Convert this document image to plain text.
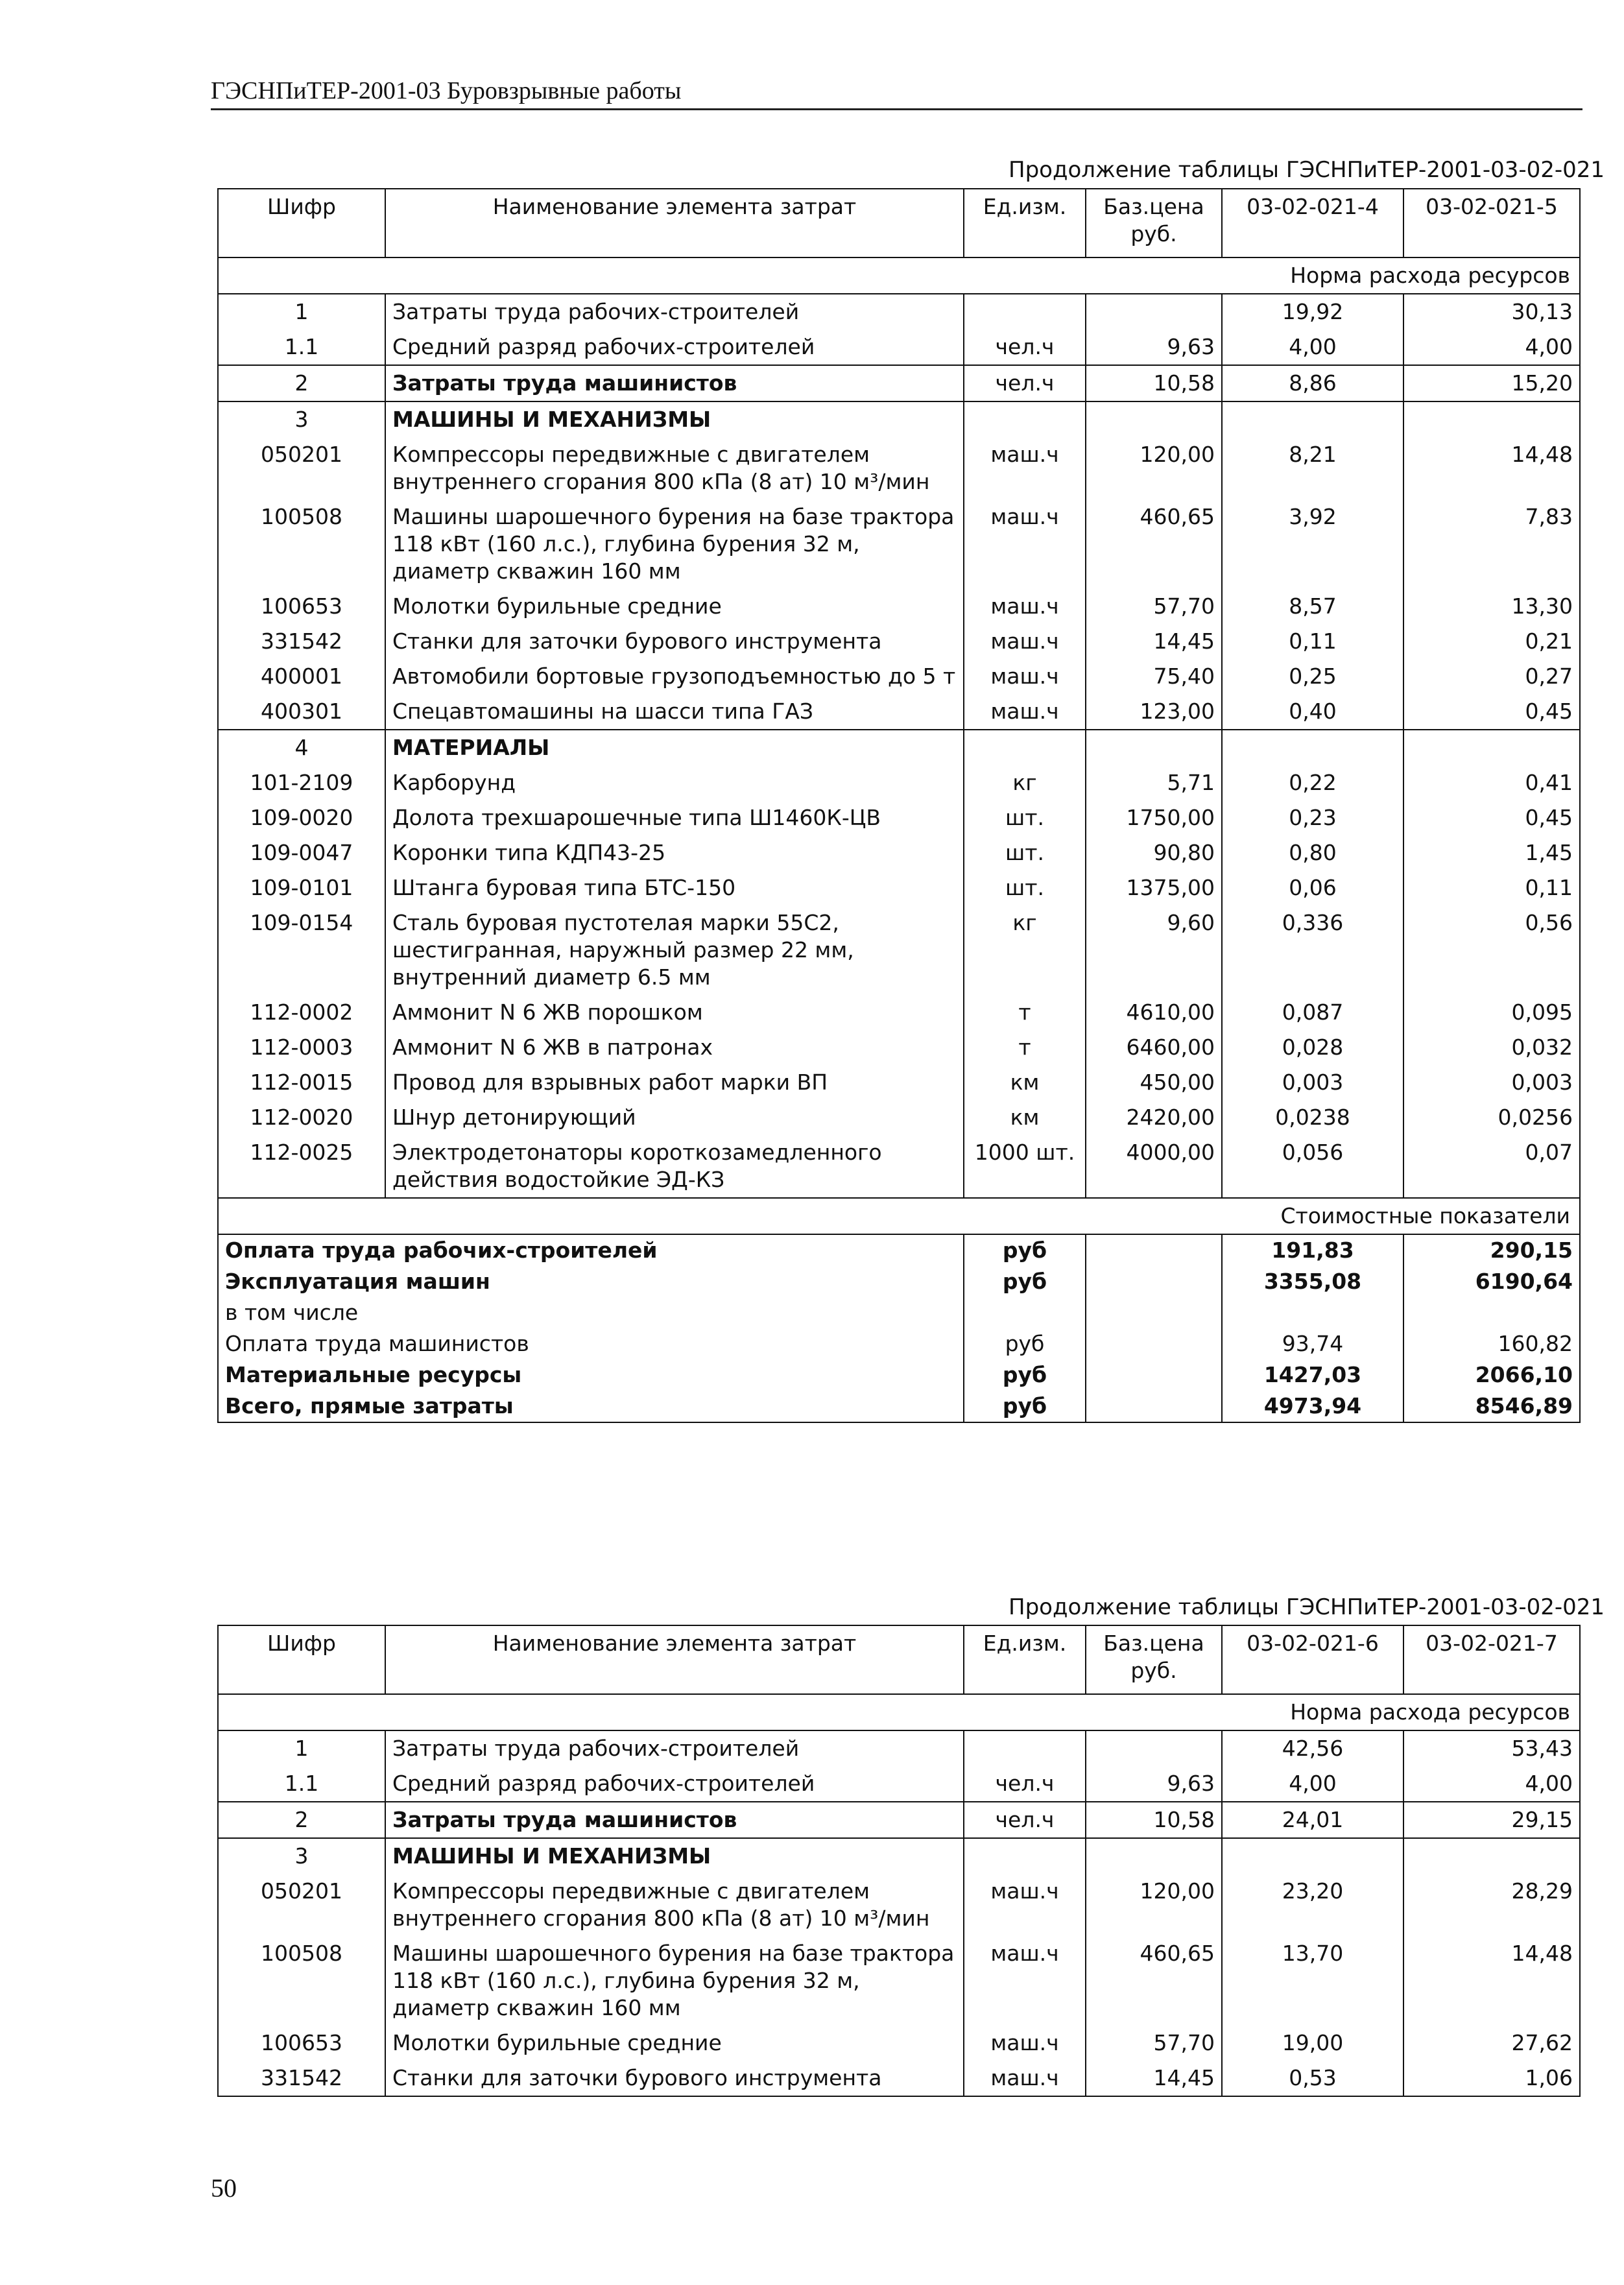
ГЭСНПиТЕР-2001-03 Буровзрывные работы
Продолжение таблицы ГЭСНПиТЕР-2001-03-02-021
Шифр	Наименование элемента затрат	Ед.изм.	Баз.цена руб.	03-02-021-4	03-02-021-5
Норма расхода ресурсов					
1	Затраты труда рабочих-строителей			19,92	30,13
1.1	Средний разряд рабочих-строителей	чел.ч	9,63	4,00	4,00
2	Затраты труда машинистов	чел.ч	10,58	8,86	15,20
3	МАШИНЫ И МЕХАНИЗМЫ				
050201	Компрессоры передвижные с двигателем внутреннего сгорания 800 кПа (8 ат) 10 м³/мин	маш.ч	120,00	8,21	14,48
100508	Машины шарошечного бурения на базе трактора 118 кВт (160 л.с.), глубина бурения 32 м, диаметр скважин 160 мм	маш.ч	460,65	3,92	7,83
100653	Молотки бурильные средние	маш.ч	57,70	8,57	13,30
331542	Станки для заточки бурового инструмента	маш.ч	14,45	0,11	0,21
400001	Автомобили бортовые грузоподъемностью до 5 т	маш.ч	75,40	0,25	0,27
400301	Спецавтомашины на шасси типа ГАЗ	маш.ч	123,00	0,40	0,45
4	МАТЕРИАЛЫ				
101-2109	Карборунд	кг	5,71	0,22	0,41
109-0020	Долота трехшарошечные типа Ш1460К-ЦВ	шт.	1750,00	0,23	0,45
109-0047	Коронки типа КДП43-25	шт.	90,80	0,80	1,45
109-0101	Штанга буровая типа БТС-150	шт.	1375,00	0,06	0,11
109-0154	Сталь буровая пустотелая марки 55С2, шестигранная, наружный размер 22 мм, внутренний диаметр 6.5 мм	кг	9,60	0,336	0,56
112-0002	Аммонит N 6 ЖВ порошком	т	4610,00	0,087	0,095
112-0003	Аммонит N 6 ЖВ в патронах	т	6460,00	0,028	0,032
112-0015	Провод для взрывных работ марки ВП	км	450,00	0,003	0,003
112-0020	Шнур детонирующий	км	2420,00	0,0238	0,0256
112-0025	Электродетонаторы короткозамедленного действия водостойкие ЭД-КЗ	1000 шт.	4000,00	0,056	0,07
Стоимостные показатели					
Оплата труда рабочих-строителей		руб		191,83	290,15
Эксплуатация машин		руб		3355,08	6190,64
в том числе					
Оплата труда машинистов		руб		93,74	160,82
Материальные ресурсы		руб		1427,03	2066,10
Всего, прямые затраты		руб		4973,94	8546,89
Продолжение таблицы ГЭСНПиТЕР-2001-03-02-021
Шифр	Наименование элемента затрат	Ед.изм.	Баз.цена руб.	03-02-021-6	03-02-021-7
Норма расхода ресурсов					
1	Затраты труда рабочих-строителей			42,56	53,43
1.1	Средний разряд рабочих-строителей	чел.ч	9,63	4,00	4,00
2	Затраты труда машинистов	чел.ч	10,58	24,01	29,15
3	МАШИНЫ И МЕХАНИЗМЫ				
050201	Компрессоры передвижные с двигателем внутреннего сгорания 800 кПа (8 ат) 10 м³/мин	маш.ч	120,00	23,20	28,29
100508	Машины шарошечного бурения на базе трактора 118 кВт (160 л.с.), глубина бурения 32 м, диаметр скважин 160 мм	маш.ч	460,65	13,70	14,48
100653	Молотки бурильные средние	маш.ч	57,70	19,00	27,62
331542	Станки для заточки бурового инструмента	маш.ч	14,45	0,53	1,06
50
